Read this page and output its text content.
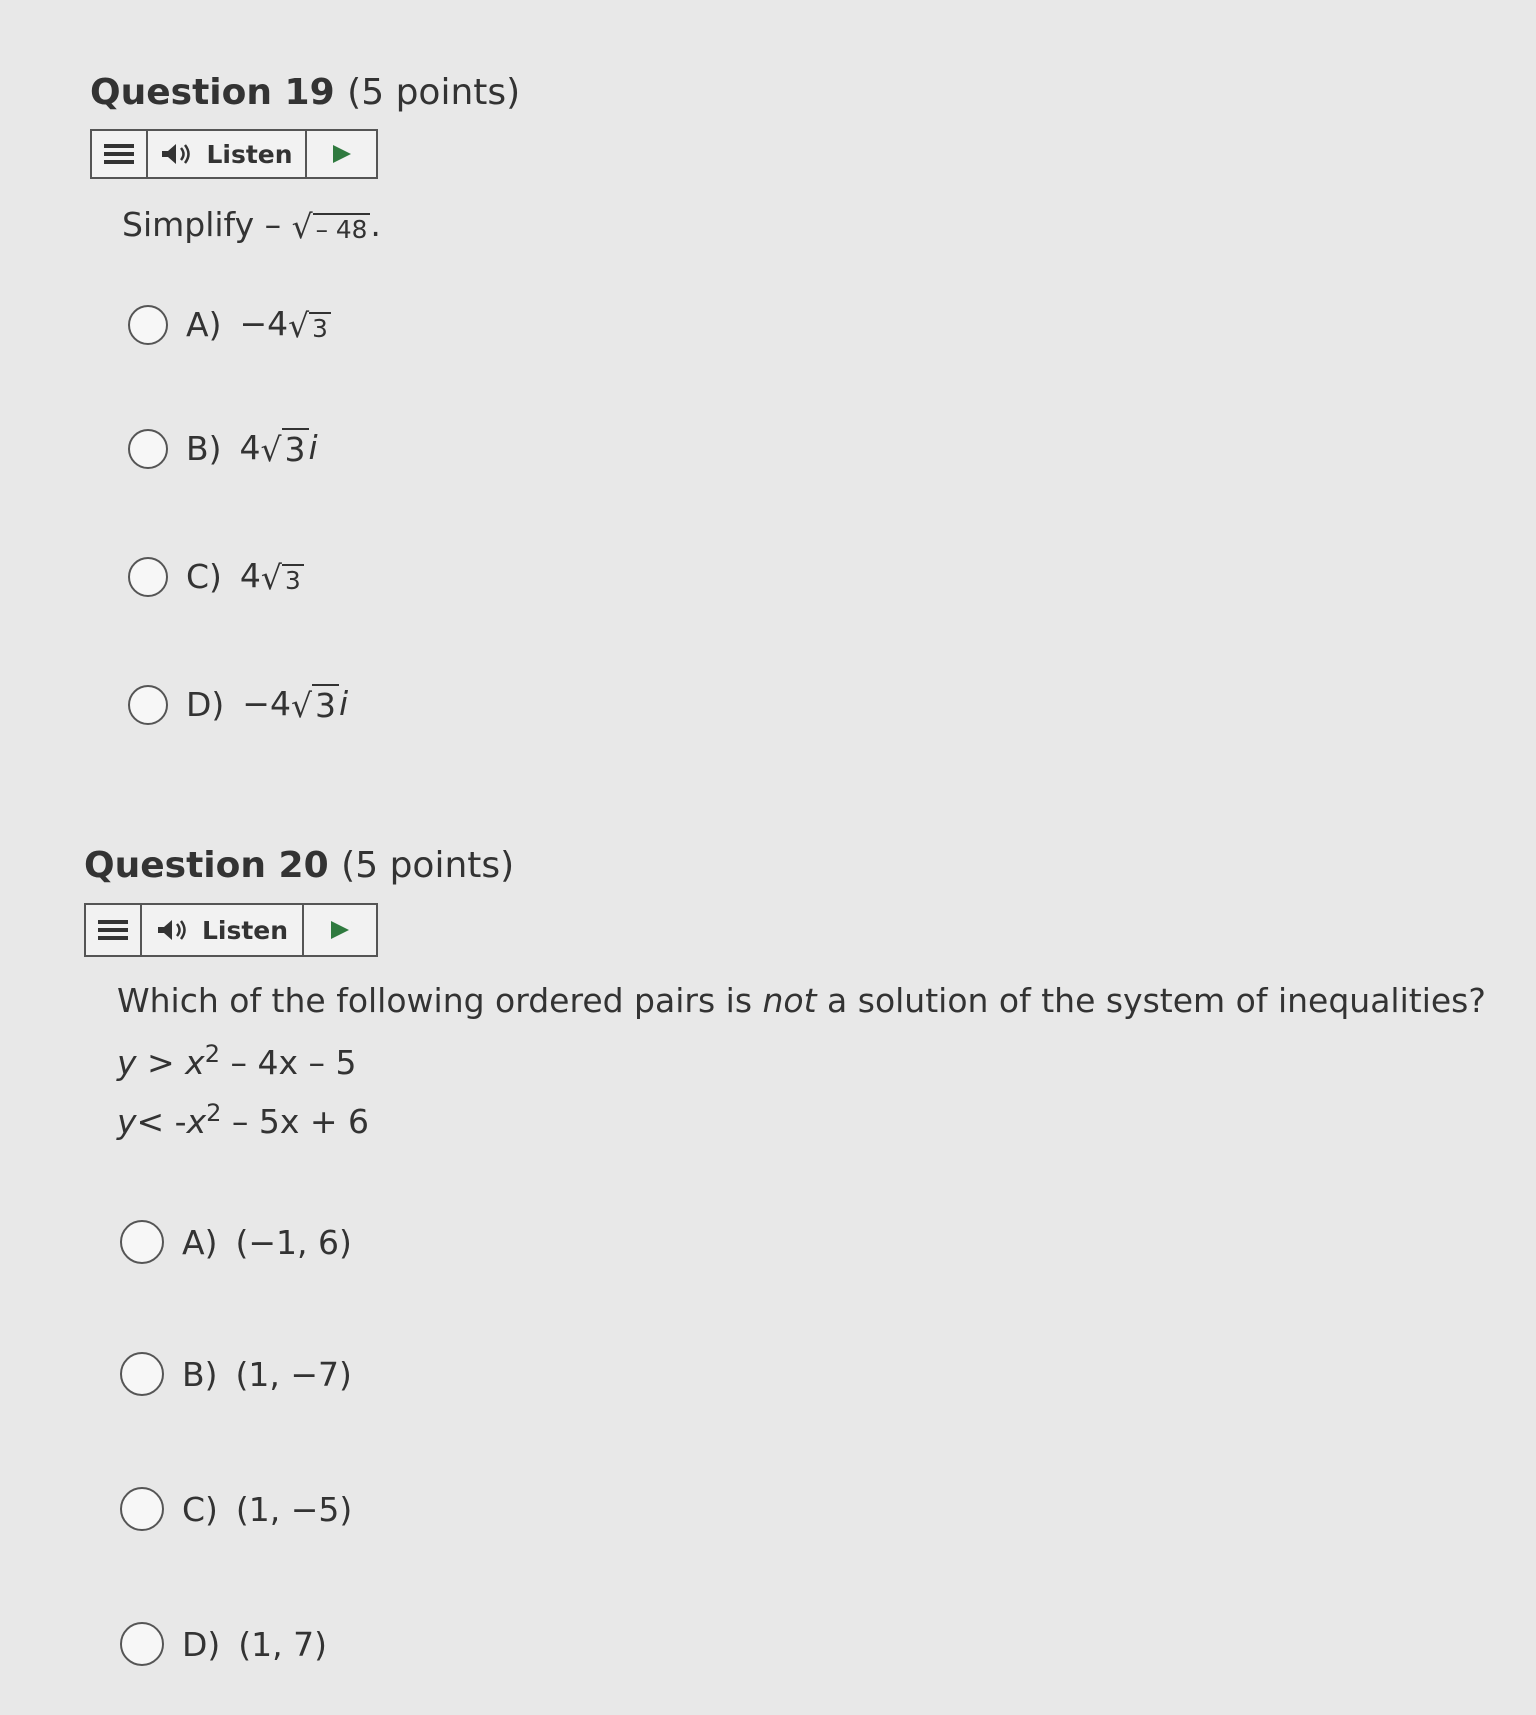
Question 19 (5 points)
Listen
Simplify – √ – 48.
A) −4√ 3
B) 4√3i
C) 4√ 3
D) −4√3i
Question 20 (5 points)
Listen
Which of the following ordered pairs is not a solution of the system of inequalities?
$y > x^2 - 4x - 5$
$y< -x^2 - 5x + 6$
A) (−1, 6)
B) (1, −7)
C) (1, −5)
D) (1, 7)
